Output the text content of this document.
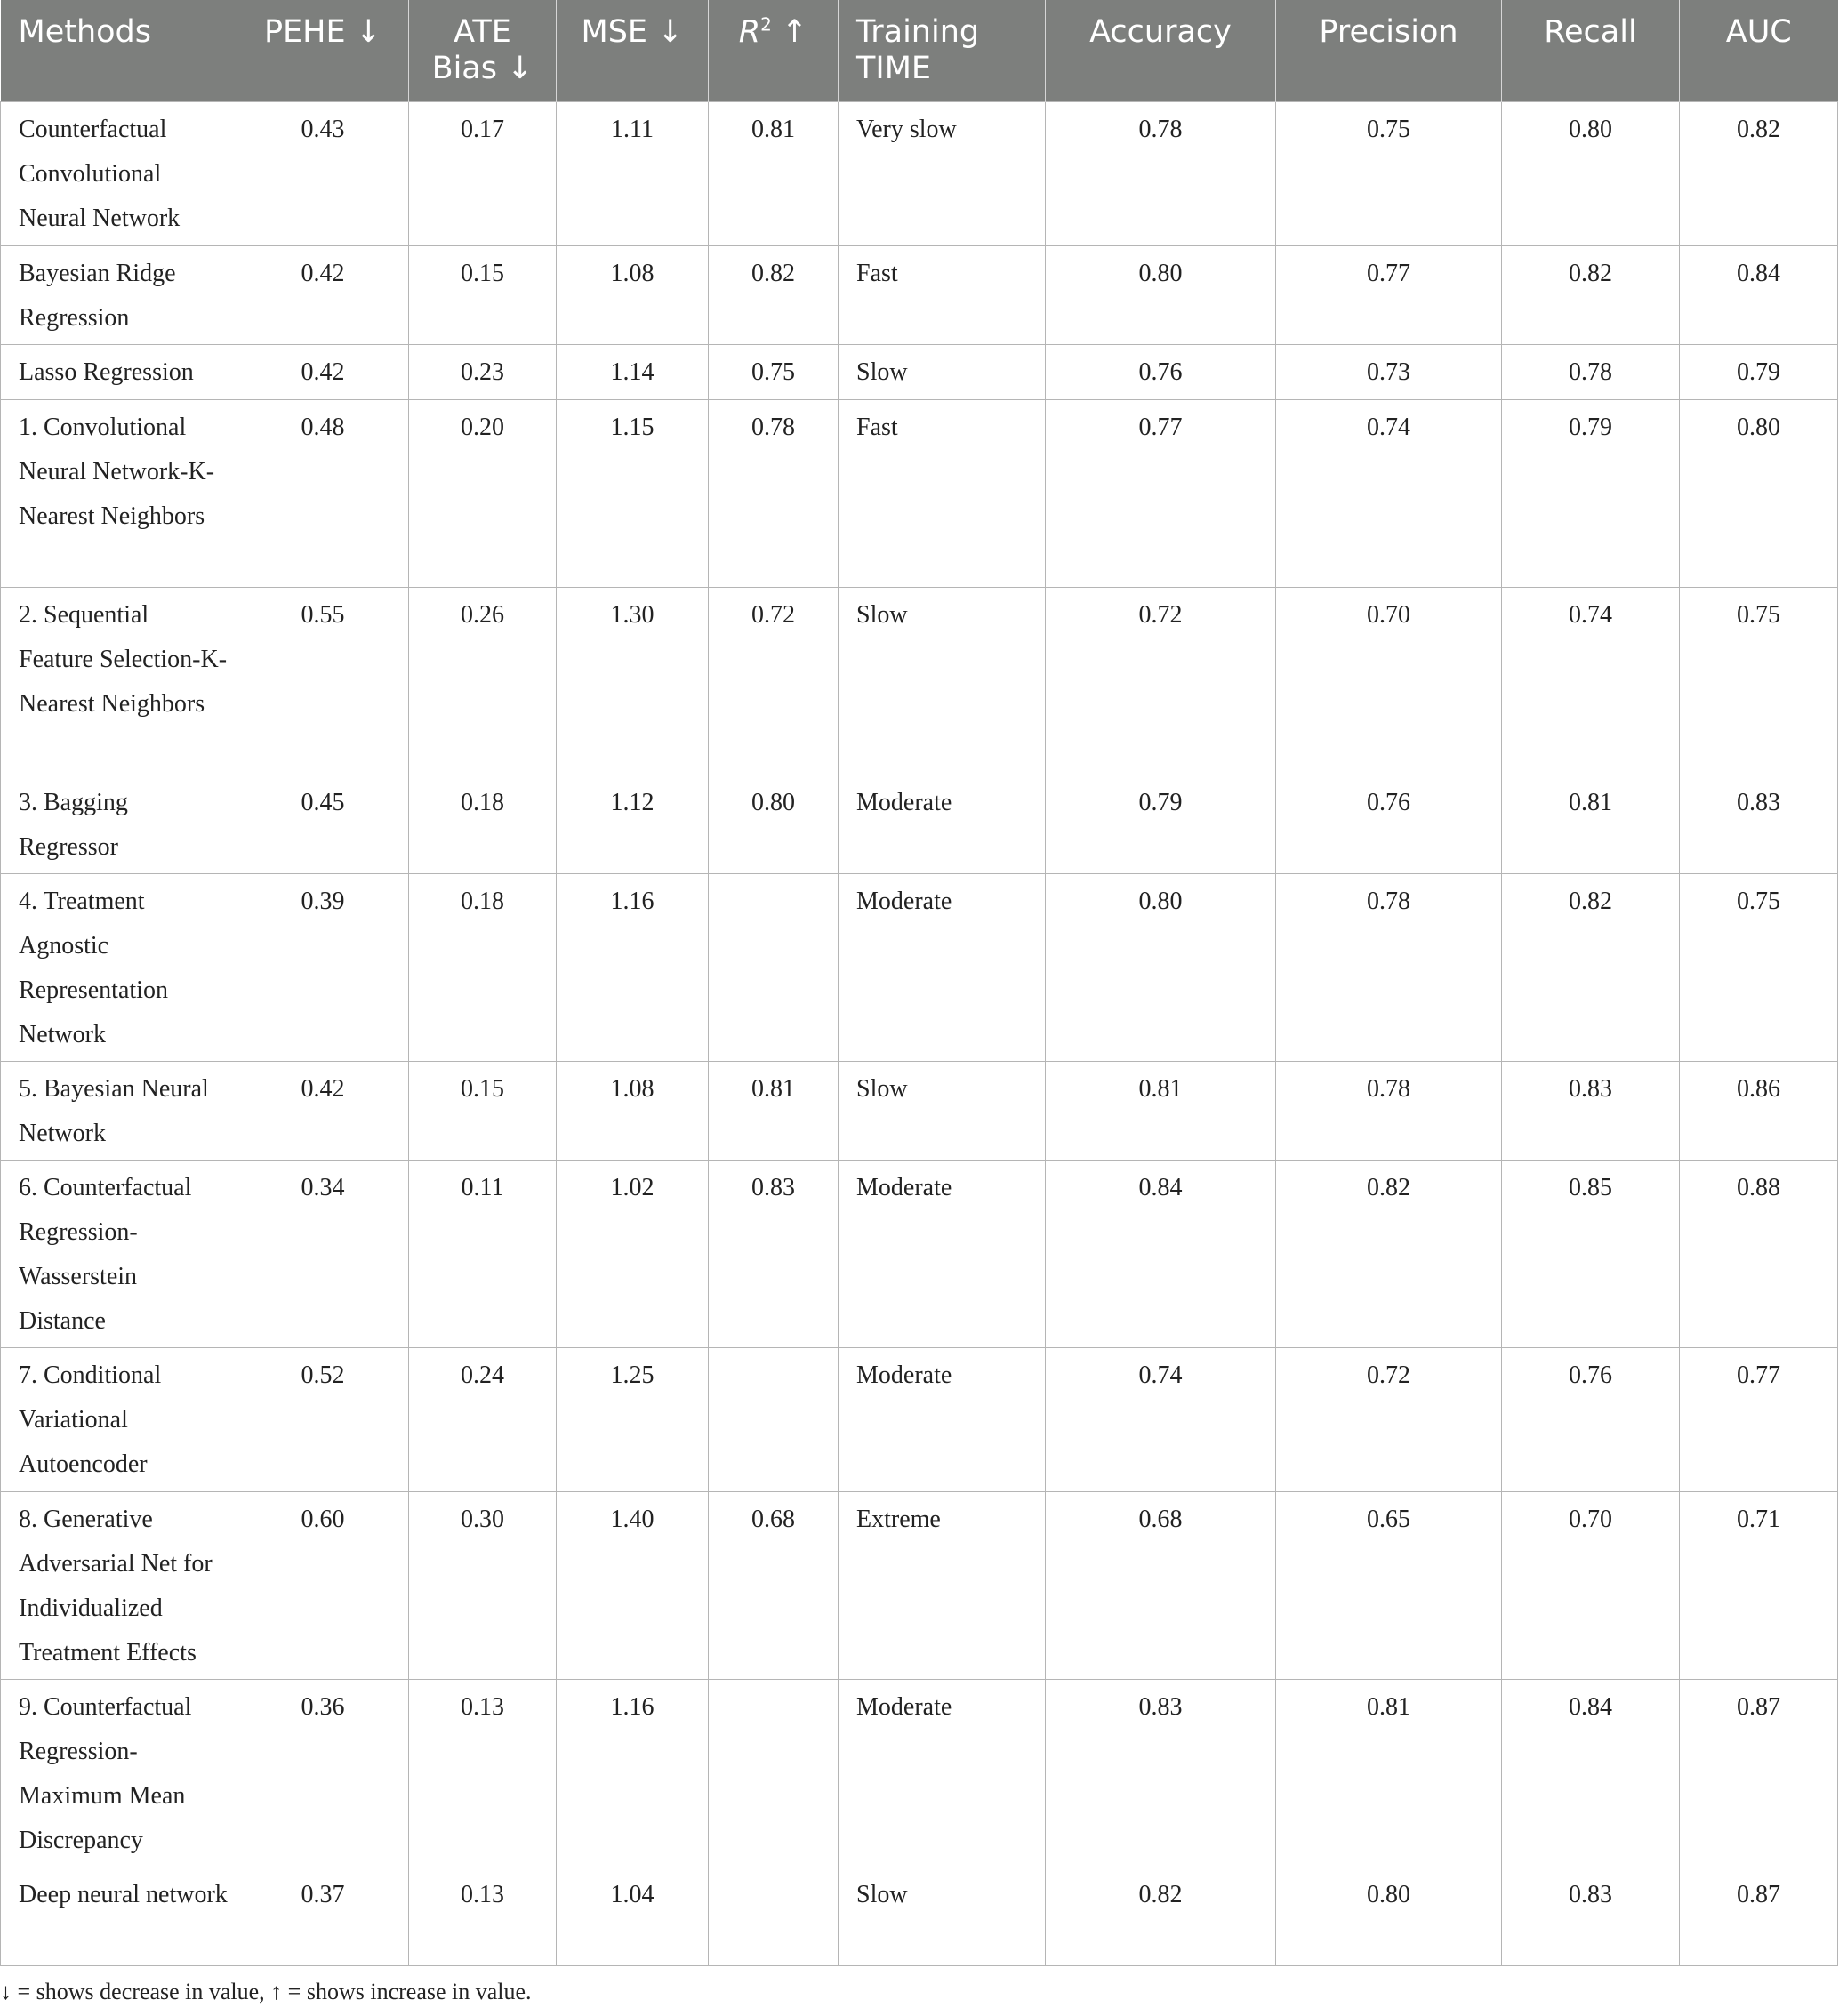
Methods	PEHE ↓	ATE Bias ↓	MSE ↓	$R^2$ ↑	Training TIME	Accuracy	Precision	Recall	AUC
Counterfactual Convolutional Neural Network	0.43	0.17	1.11	0.81	Very slow	0.78	0.75	0.80	0.82
Bayesian Ridge Regression	0.42	0.15	1.08	0.82	Fast	0.80	0.77	0.82	0.84
Lasso Regression	0.42	0.23	1.14	0.75	Slow	0.76	0.73	0.78	0.79
1. Convolutional Neural Network-K-Nearest Neighbors	0.48	0.20	1.15	0.78	Fast	0.77	0.74	0.79	0.80
2. Sequential Feature Selection-K-Nearest Neighbors	0.55	0.26	1.30	0.72	Slow	0.72	0.70	0.74	0.75
3. Bagging Regressor	0.45	0.18	1.12	0.80	Moderate	0.79	0.76	0.81	0.83
4. Treatment Agnostic Representation Network	0.39	0.18	1.16		Moderate	0.80	0.78	0.82	0.75
5. Bayesian Neural Network	0.42	0.15	1.08	0.81	Slow	0.81	0.78	0.83	0.86
6. Counterfactual Regression-Wasserstein Distance	0.34	0.11	1.02	0.83	Moderate	0.84	0.82	0.85	0.88
7. Conditional Variational Autoencoder	0.52	0.24	1.25		Moderate	0.74	0.72	0.76	0.77
8. Generative Adversarial Net for Individualized Treatment Effects	0.60	0.30	1.40	0.68	Extreme	0.68	0.65	0.70	0.71
9. Counterfactual Regression-Maximum Mean Discrepancy	0.36	0.13	1.16		Moderate	0.83	0.81	0.84	0.87
Deep neural network	0.37	0.13	1.04		Slow	0.82	0.80	0.83	0.87
↓ = shows decrease in value, ↑ = shows increase in value.
